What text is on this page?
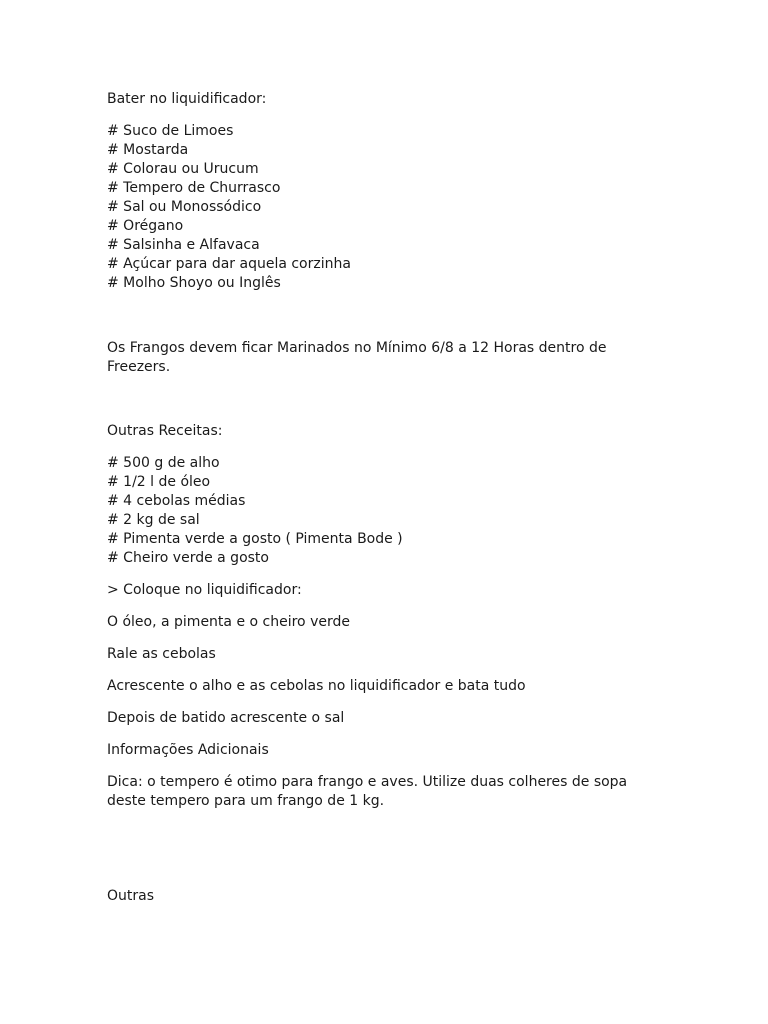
Bater no liquidificador:
# Suco de Limoes
# Mostarda
# Colorau ou Urucum
# Tempero de Churrasco
# Sal ou Monossódico
# Orégano
# Salsinha e Alfavaca
# Açúcar para dar aquela corzinha
# Molho Shoyo ou Inglês
Os Frangos devem ficar Marinados no Mínimo 6/8 a 12 Horas dentro de Freezers.
Outras Receitas:
# 500 g de alho
# 1/2 l de óleo
# 4 cebolas médias
# 2 kg de sal
# Pimenta verde a gosto ( Pimenta Bode )
# Cheiro verde a gosto
> Coloque no liquidificador:
O óleo, a pimenta e o cheiro verde
Rale as cebolas
Acrescente o alho e as cebolas no liquidificador e bata tudo
Depois de batido acrescente o sal
Informações Adicionais
Dica: o tempero é otimo para frango e aves. Utilize duas colheres de sopa deste tempero para um frango de 1 kg.
Outras
